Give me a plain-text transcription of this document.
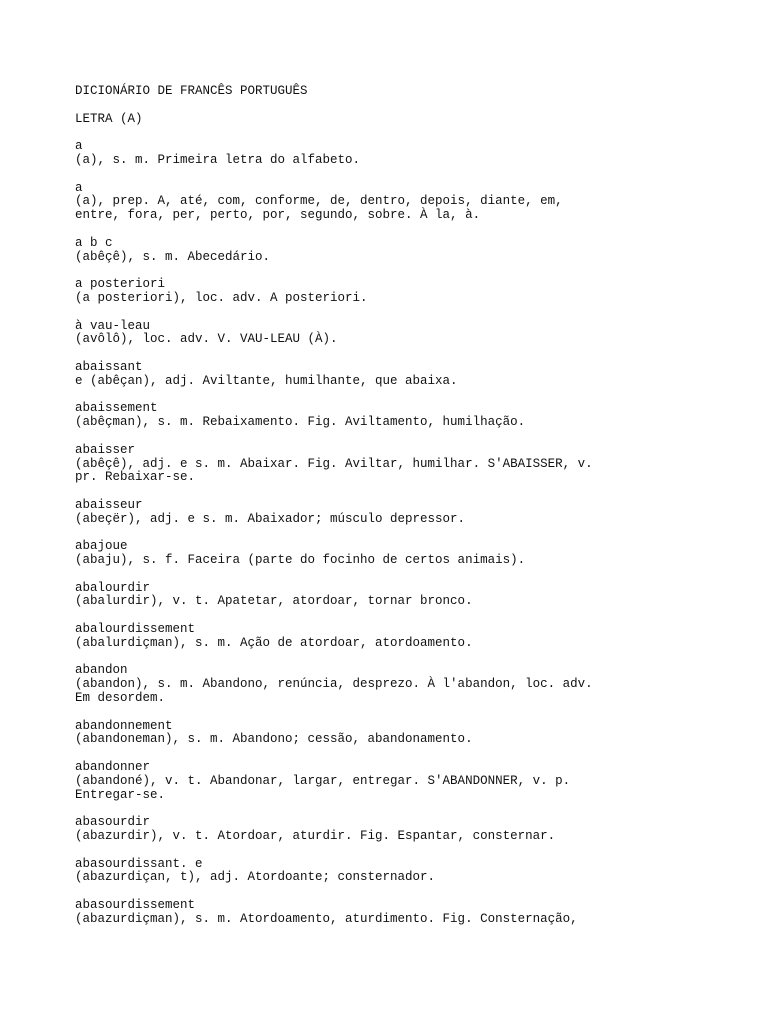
DICIONÁRIO DE FRANCÊS PORTUGUÊS
LETRA (A)
a
(a), s. m. Primeira letra do alfabeto.
a
(a), prep. A, até, com, conforme, de, dentro, depois, diante, em,
entre, fora, per, perto, por, segundo, sobre. À la, à.
a b c
(abêçê), s. m. Abecedário.
a posteriori
(a posteriori), loc. adv. A posteriori.
à vau-leau
(avôlô), loc. adv. V. VAU-LEAU (À).
abaissant
e (abêçan), adj. Aviltante, humilhante, que abaixa.
abaissement
(abêçman), s. m. Rebaixamento. Fig. Aviltamento, humilhação.
abaisser
(abêçê), adj. e s. m. Abaixar. Fig. Aviltar, humilhar. S'ABAISSER, v.
pr. Rebaixar-se.
abaisseur
(abeçër), adj. e s. m. Abaixador; músculo depressor.
abajoue
(abaju), s. f. Faceira (parte do focinho de certos animais).
abalourdir
(abalurdir), v. t. Apatetar, atordoar, tornar bronco.
abalourdissement
(abalurdiçman), s. m. Ação de atordoar, atordoamento.
abandon
(abandon), s. m. Abandono, renúncia, desprezo. À l'abandon, loc. adv.
Em desordem.
abandonnement
(abandoneman), s. m. Abandono; cessão, abandonamento.
abandonner
(abandoné), v. t. Abandonar, largar, entregar. S'ABANDONNER, v. p.
Entregar-se.
abasourdir
(abazurdir), v. t. Atordoar, aturdir. Fig. Espantar, consternar.
abasourdissant. e
(abazurdiçan, t), adj. Atordoante; consternador.
abasourdissement
(abazurdiçman), s. m. Atordoamento, aturdimento. Fig. Consternação,
